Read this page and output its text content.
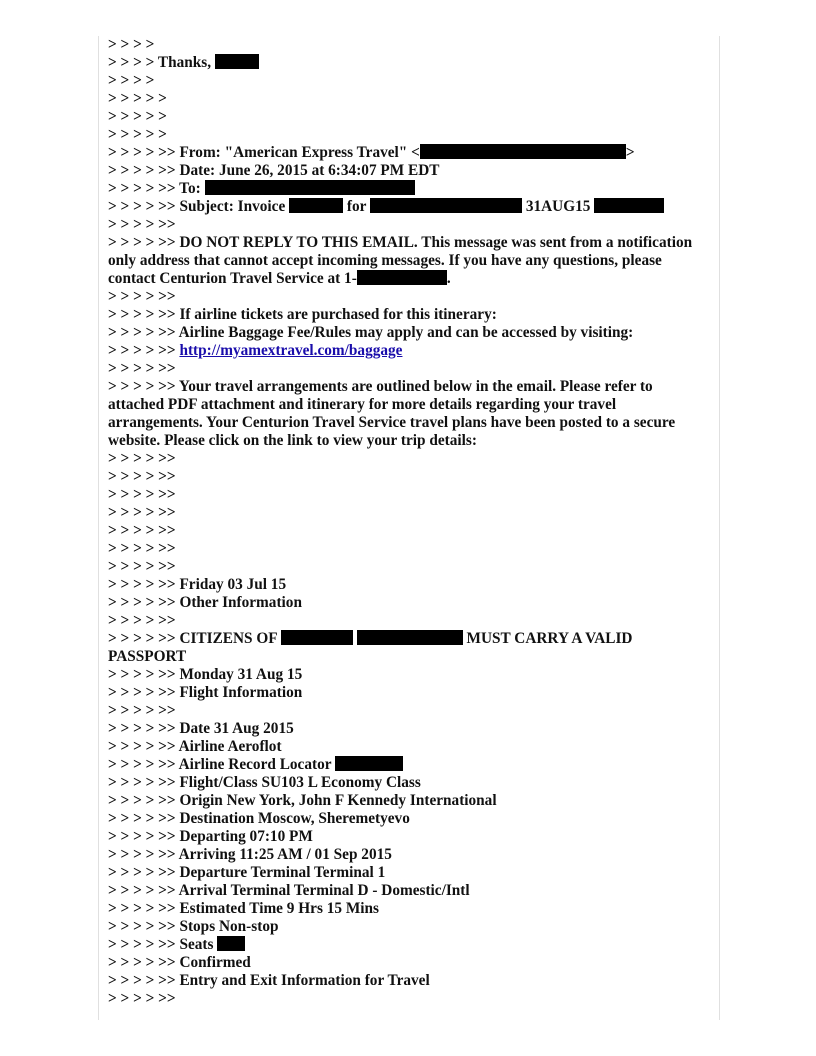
> > > >
> > > > Thanks,
> > > >
> > > > >
> > > > >
> > > > >
> > > > >> From: "American Express Travel" <	>
> > > > >> Date: June 26, 2015 at 6:34:07 PM EDT
> > > > >> To:
> > > > >> Subject: Invoice	for	31AUG15
> > > > >>
> > > > >> DO NOT REPLY TO THIS EMAIL. This message was sent from a notification only address that cannot accept incoming messages. If you have any questions, please contact Centurion Travel Service at 1-	.
> > > > >>
> > > > >> If airline tickets are purchased for this itinerary:
> > > > >> Airline Baggage Fee/Rules may apply and can be accessed by visiting:
> > > > >> http://myamextravel.com/baggage
> > > > >>
> > > > >> Your travel arrangements are outlined below in the email. Please refer to attached PDF attachment and itinerary for more details regarding your travel arrangements. Your Centurion Travel Service travel plans have been posted to a secure website. Please click on the link to view your trip details:
> > > > >>
> > > > >>
> > > > >>
> > > > >>
> > > > >>
> > > > >>
> > > > >>
> > > > >> Friday 03 Jul 15
> > > > >> Other Information
> > > > >>
> > > > >> CITIZENS OF	MUST CARRY A VALID
PASSPORT
> > > > >> Monday 31 Aug 15
> > > > >> Flight Information
> > > > >>
> > > > >> Date 31 Aug 2015
> > > > >> Airline Aeroflot
> > > > >> Airline Record Locator
> > > > >> Flight/Class SU103 L Economy Class
> > > > >> Origin New York, John F Kennedy International
> > > > >> Destination Moscow, Sheremetyevo
> > > > >> Departing 07:10 PM
> > > > >> Arriving 11:25 AM / 01 Sep 2015
> > > > >> Departure Terminal Terminal 1
> > > > >> Arrival Terminal Terminal D - Domestic/Intl
> > > > >> Estimated Time 9 Hrs 15 Mins
> > > > >> Stops Non-stop
> > > > >> Seats
> > > > >> Confirmed
> > > > >> Entry and Exit Information for Travel
> > > > >>
